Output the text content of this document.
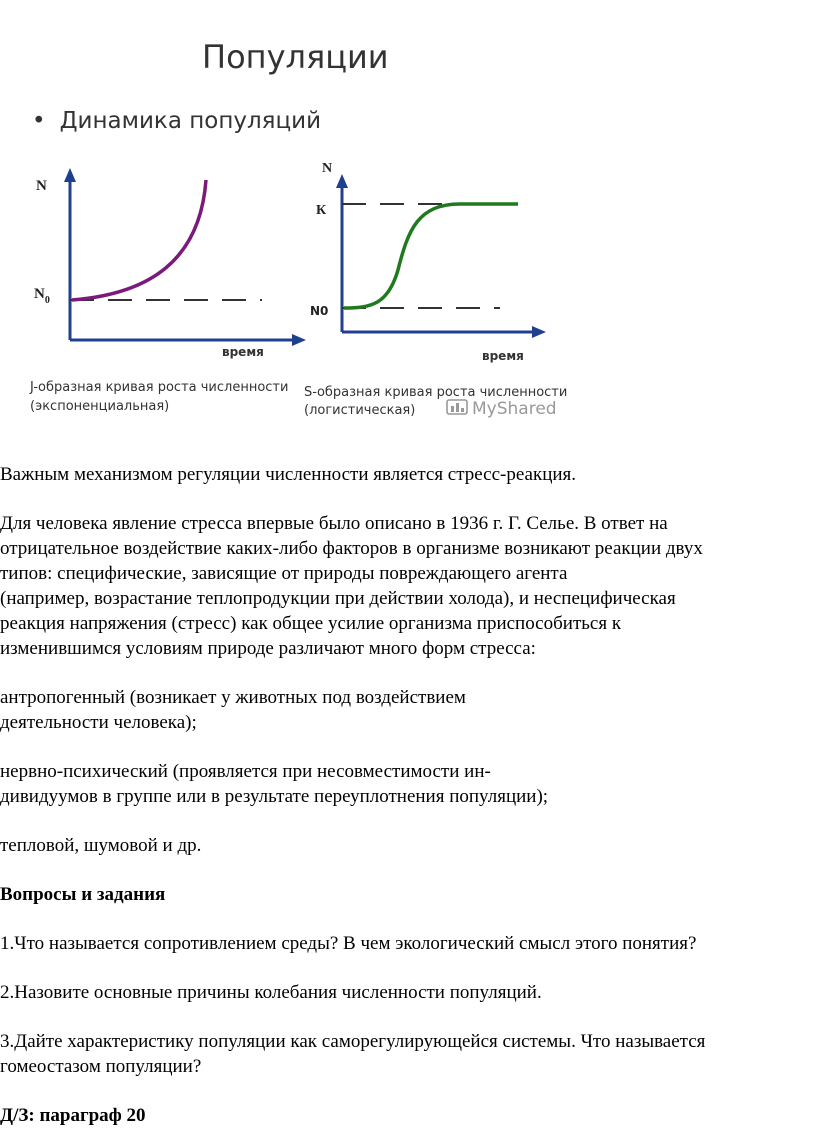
Популяции
• Динамика популяций
N
$N_0$
время
J-образная кривая роста численности
(экспоненциальная)
N
К
N0
время
S-образная кривая роста численности
(логистическая)	MyShared

Важным механизмом регуляции численности является стресс-реакция.

Для человека явление стресса впервые было описано в 1936 г. Г. Селье. В ответ на

отрицательное воздействие каких-либо факторов в организме возникают реакции двух

типов: специфические, зависящие от природы повреждающего агента

(например, возрастание теплопродукции при действии холода), и неспецифическая

реакция напряжения (стресс) как общее усилие организма приспособиться к

изменившимся условиям природе различают много форм стресса:

антропогенный (возникает у животных под воздействием

деятельности человека);

нервно-психический (проявляется при несовместимости ин-

дивидуумов в группе или в результате переуплотнения популяции);

тепловой, шумовой и др.

Вопросы и задания

1.Что называется сопротивлением среды? В чем экологический смысл этого понятия?

2.Назовите основные причины колебания численности популяций.

3.Дайте характеристику популяции как саморегулирующейся системы. Что называется

гомеостазом популяции?

Д/З: параграф 20
